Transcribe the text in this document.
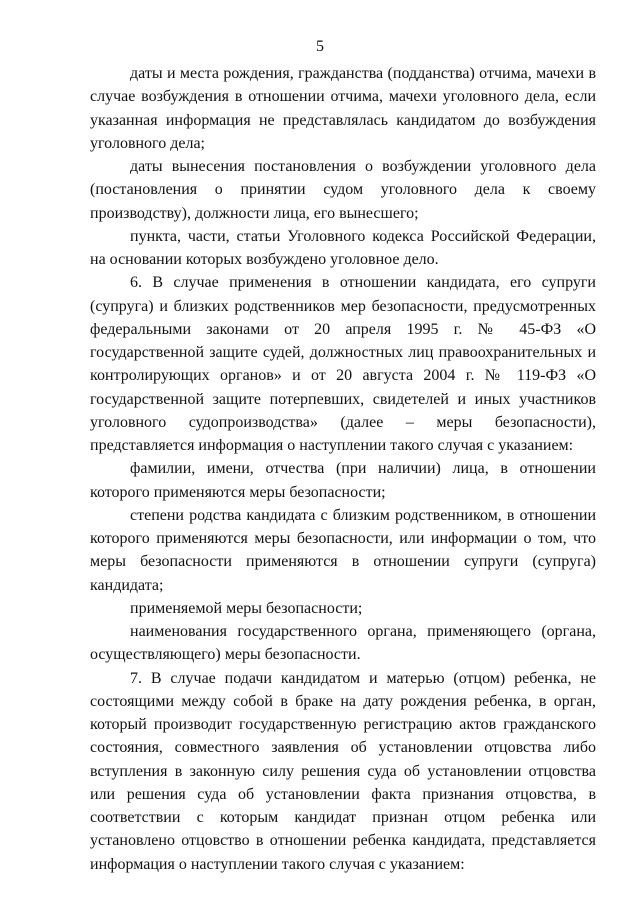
5

даты и места рождения, гражданства (подданства) отчима, мачехи в случае возбуждения в отношении отчима, мачехи уголовного дела, если указанная информация не представлялась кандидатом до возбуждения уголовного дела;

даты вынесения постановления о возбуждении уголовного дела (постановления о принятии судом уголовного дела к своему производству), должности лица, его вынесшего;

пункта, части, статьи Уголовного кодекса Российской Федерации, на основании которых возбуждено уголовное дело.

6. В случае применения в отношении кандидата, его супруги (супруга) и близких родственников мер безопасности, предусмотренных федеральными законами от 20 апреля 1995 г. № 45-ФЗ «О государственной защите судей, должностных лиц правоохранительных и контролирующих органов» и от 20 августа 2004 г. № 119-ФЗ «О государственной защите потерпевших, свидетелей и иных участников уголовного судопроизводства» (далее – меры безопасности), представляется информация о наступлении такого случая с указанием:

фамилии, имени, отчества (при наличии) лица, в отношении которого применяются меры безопасности;

степени родства кандидата с близким родственником, в отношении которого применяются меры безопасности, или информации о том, что меры безопасности применяются в отношении супруги (супруга) кандидата;

применяемой меры безопасности;

наименования государственного органа, применяющего (органа, осуществляющего) меры безопасности.

7. В случае подачи кандидатом и матерью (отцом) ребенка, не состоящими между собой в браке на дату рождения ребенка, в орган, который производит государственную регистрацию актов гражданского состояния, совместного заявления об установлении отцовства либо вступления в законную силу решения суда об установлении отцовства или решения суда об установлении факта признания отцовства, в соответствии с которым кандидат признан отцом ребенка или установлено отцовство в отношении ребенка кандидата, представляется информация о наступлении такого случая с указанием:
